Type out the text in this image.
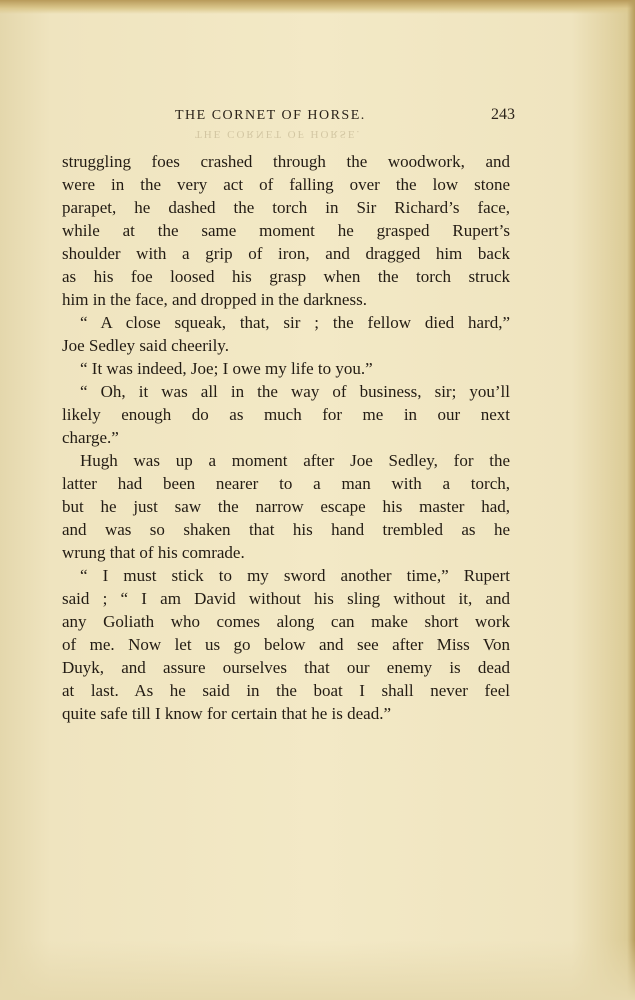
THE CORNET OF HORSE.	243
THE CORNET OF HORSE.
struggling foes crashed through the woodwork, and
were in the very act of falling over the low stone
parapet, he dashed the torch in Sir Richard’s face,
while at the same moment he grasped Rupert’s
shoulder with a grip of iron, and dragged him back
as his foe loosed his grasp when the torch struck
him in the face, and dropped in the darkness.
“ A close squeak, that, sir ; the fellow died hard,”
Joe Sedley said cheerily.
“ It was indeed, Joe; I owe my life to you.”
“ Oh, it was all in the way of business, sir; you’ll
likely enough do as much for me in our next
charge.”
Hugh was up a moment after Joe Sedley, for the
latter had been nearer to a man with a torch,
but he just saw the narrow escape his master had,
and was so shaken that his hand trembled as he
wrung that of his comrade.
“ I must stick to my sword another time,” Rupert
said ; “ I am David without his sling without it, and
any Goliath who comes along can make short work
of me. Now let us go below and see after Miss Von
Duyk, and assure ourselves that our enemy is dead
at last. As he said in the boat I shall never feel
quite safe till I know for certain that he is dead.”
